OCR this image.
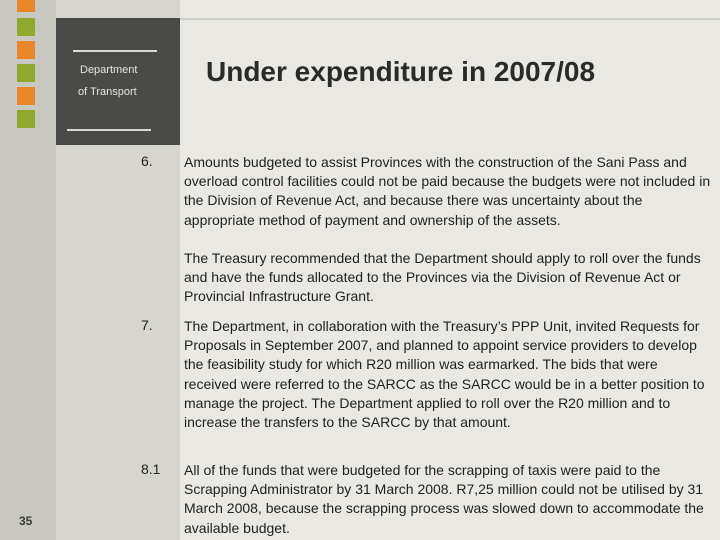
Department
of Transport
Under expenditure in 2007/08
6. Amounts budgeted to assist Provinces with the construction of the Sani Pass and overload control facilities could not be paid because the budgets were not included in the Division of Revenue Act, and because there was uncertainty about the appropriate method of payment and ownership of the assets.
The Treasury recommended that the Department should apply to roll over the funds and have the funds allocated to the Provinces via the Division of Revenue Act or Provincial Infrastructure Grant.
7. The Department, in collaboration with the Treasury’s PPP Unit, invited Requests for Proposals in September 2007, and planned to appoint service providers to develop the feasibility study for which R20 million was earmarked. The bids that were received were referred to the SARCC as the SARCC would be in a better position to manage the project. The Department applied to roll over the R20 million and to increase the transfers to the SARCC by that amount.
8.1 All of the funds that were budgeted for the scrapping of taxis were paid to the Scrapping Administrator by 31 March 2008. R7,25 million could not be utilised by 31 March 2008, because the scrapping process was slowed down to accommodate the available budget.
35
